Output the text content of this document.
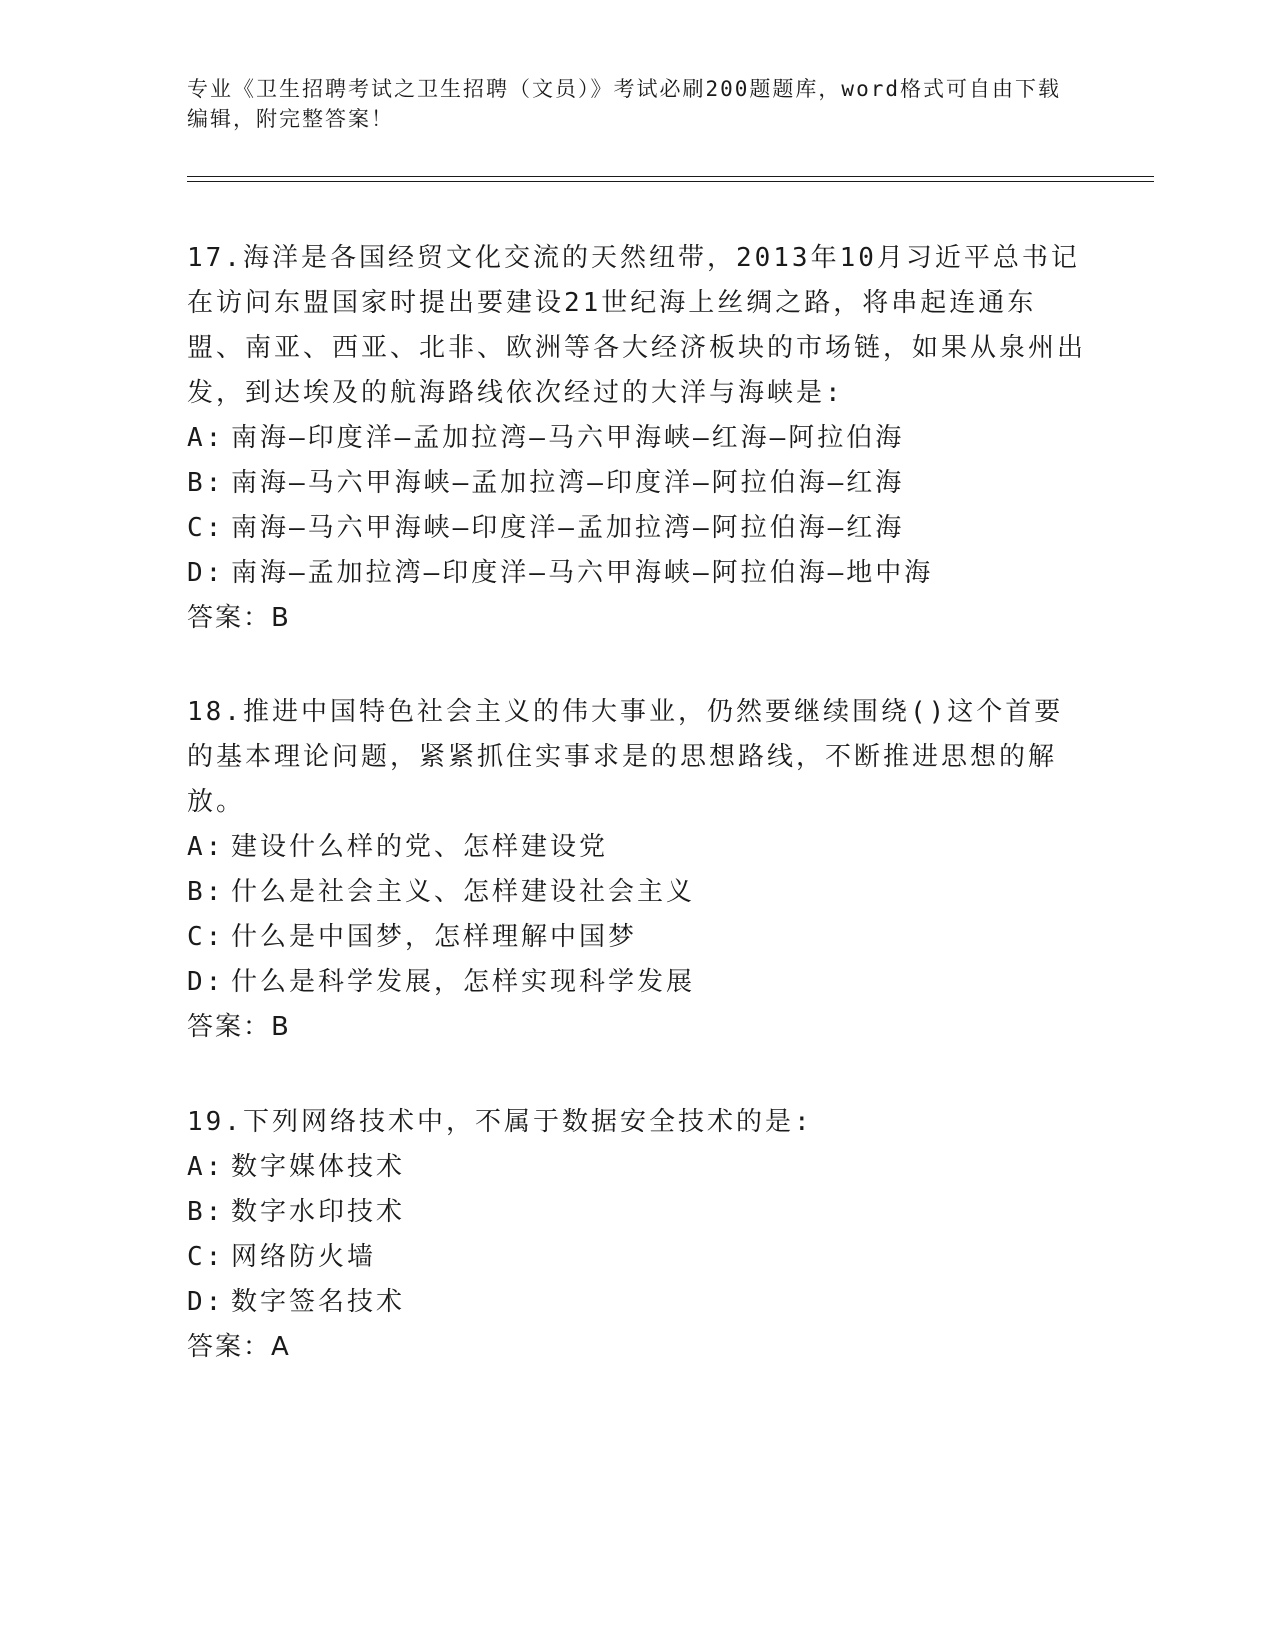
专业《卫生招聘考试之卫生招聘（文员）》考试必刷200题题库，word格式可自由下载编辑，附完整答案！

17.海洋是各国经贸文化交流的天然纽带，2013年10月习近平总书记在访问东盟国家时提出要建设21世纪海上丝绸之路，将串起连通东盟、南亚、西亚、北非、欧洲等各大经济板块的市场链，如果从泉州出发，到达埃及的航海路线依次经过的大洋与海峡是:

A: 南海—印度洋—孟加拉湾—马六甲海峡—红海—阿拉伯海

B: 南海—马六甲海峡—孟加拉湾—印度洋—阿拉伯海—红海

C: 南海—马六甲海峡—印度洋—孟加拉湾—阿拉伯海—红海

D: 南海—孟加拉湾—印度洋—马六甲海峡—阿拉伯海—地中海

答案：B

18.推进中国特色社会主义的伟大事业，仍然要继续围绕()这个首要的基本理论问题，紧紧抓住实事求是的思想路线，不断推进思想的解放。

A: 建设什么样的党、怎样建设党

B: 什么是社会主义、怎样建设社会主义

C: 什么是中国梦，怎样理解中国梦

D: 什么是科学发展，怎样实现科学发展

答案：B

19.下列网络技术中，不属于数据安全技术的是:

A: 数字媒体技术

B: 数字水印技术

C: 网络防火墙

D: 数字签名技术

答案：A
